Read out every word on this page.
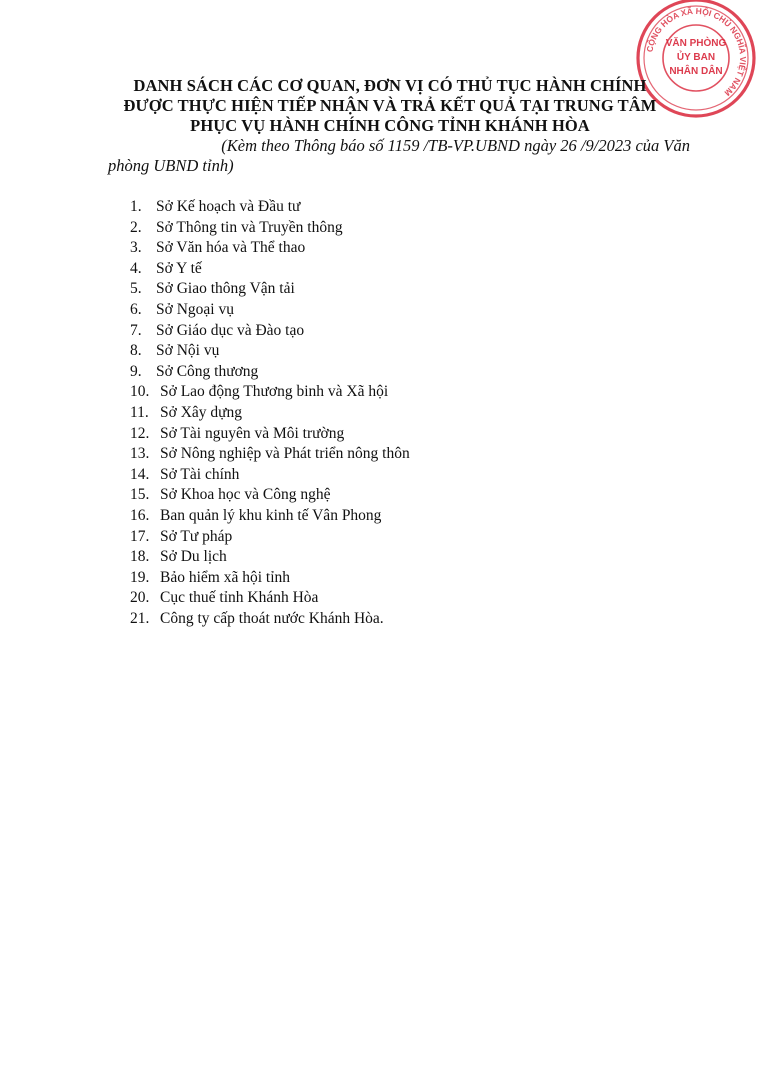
CỘNG HÒA XÃ HỘI CHỦ NGHĨA VIỆT NAM
VĂN PHÒNG
ỦY BAN
NHÂN DÂN
DANH SÁCH CÁC CƠ QUAN, ĐƠN VỊ CÓ THỦ TỤC HÀNH CHÍNH
ĐƯỢC THỰC HIỆN TIẾP NHẬN VÀ TRẢ KẾT QUẢ TẠI TRUNG TÂM
PHỤC VỤ HÀNH CHÍNH CÔNG TỈNH KHÁNH HÒA
(Kèm theo Thông báo số 1159 /TB-VP.UBND ngày 26 /9/2023 của Văn
phòng UBND tỉnh)
1. Sở Kế hoạch và Đầu tư
2. Sở Thông tin và Truyền thông
3. Sở Văn hóa và Thể thao
4. Sở Y tế
5. Sở Giao thông Vận tải
6. Sở Ngoại vụ
7. Sở Giáo dục và Đào tạo
8. Sở Nội vụ
9. Sở Công thương
10. Sở Lao động Thương binh và Xã hội
11. Sở Xây dựng
12. Sở Tài nguyên và Môi trường
13. Sở Nông nghiệp và Phát triển nông thôn
14. Sở Tài chính
15. Sở Khoa học và Công nghệ
16. Ban quản lý khu kinh tế Vân Phong
17. Sở Tư pháp
18. Sở Du lịch
19. Bảo hiểm xã hội tỉnh
20. Cục thuế tỉnh Khánh Hòa
21. Công ty cấp thoát nước Khánh Hòa.
